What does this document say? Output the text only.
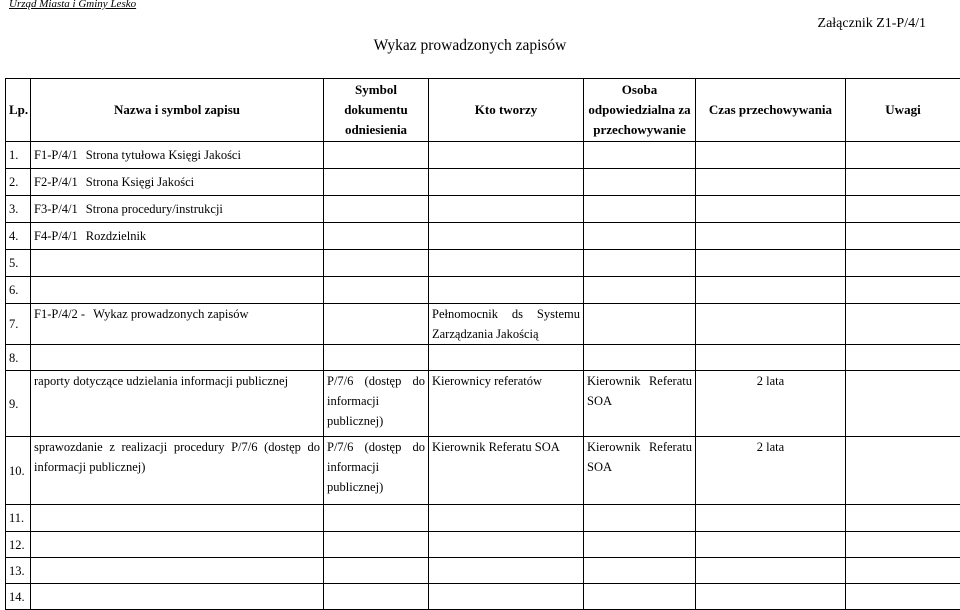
Urząd Miasta i Gminy Lesko
Załącznik Z1-P/4/1
Wykaz prowadzonych zapisów
Lp.	Nazwa i symbol zapisu	Symbol dokumentu odniesienia	Kto tworzy	Osoba odpowiedzialna za przechowywanie	Czas przechowywania	Uwagi
1.	F1-P/4/1 Strona tytułowa Księgi Jakości					
2.	F2-P/4/1 Strona Księgi Jakości					
3.	F3-P/4/1 Strona procedury/instrukcji					
4.	F4-P/4/1 Rozdzielnik					
5.						
6.						
7.	F1-P/4/2 - Wykaz prowadzonych zapisów		Pełnomocnik ds Systemu Zarządzania Jakością			
8.						
9.	raporty dotyczące udzielania informacji publicznej	P/7/6 (dostęp do informacji publicznej)	Kierownicy referatów	Kierownik Referatu SOA	2 lata	
10.	sprawozdanie z realizacji procedury P/7/6 (dostęp do informacji publicznej)	P/7/6 (dostęp do informacji publicznej)	Kierownik Referatu SOA	Kierownik Referatu SOA	2 lata	
11.						
12.						
13.						
14.						
